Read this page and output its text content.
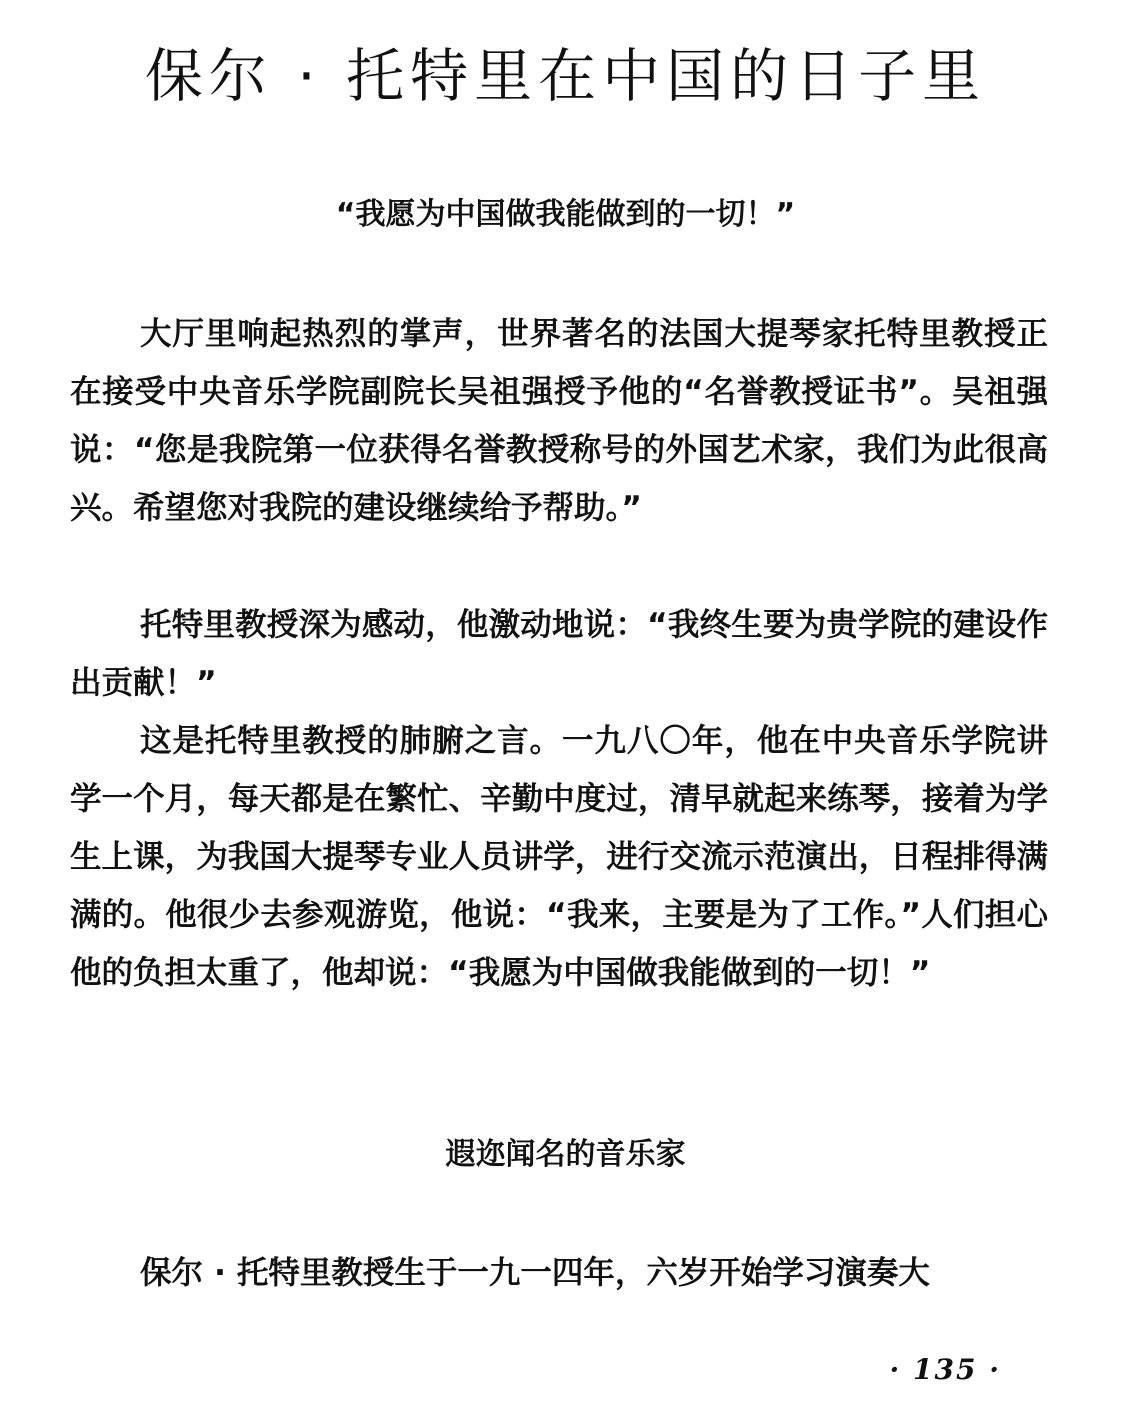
保尔 · 托特里在中国的日子里
“我愿为中国做我能做到的一切！”

大厅里响起热烈的掌声，世界著名的法国大提琴家托特里教授正在接受中央音乐学院副院长吴祖强授予他的“名誉教授证书”。吴祖强说：“您是我院第一位获得名誉教授称号的外国艺术家，我们为此很高兴。希望您对我院的建设继续给予帮助。”

托特里教授深为感动，他激动地说：“我终生要为贵学院的建设作出贡献！”

这是托特里教授的肺腑之言。一九八〇年，他在中央音乐学院讲学一个月，每天都是在繁忙、辛勤中度过，清早就起来练琴，接着为学生上课，为我国大提琴专业人员讲学，进行交流示范演出，日程排得满满的。他很少去参观游览，他说：“我来，主要是为了工作。”人们担心他的负担太重了，他却说：“我愿为中国做我能做到的一切！”

遐迩闻名的音乐家

保尔 · 托特里教授生于一九一四年，六岁开始学习演奏大

· 135 ·
